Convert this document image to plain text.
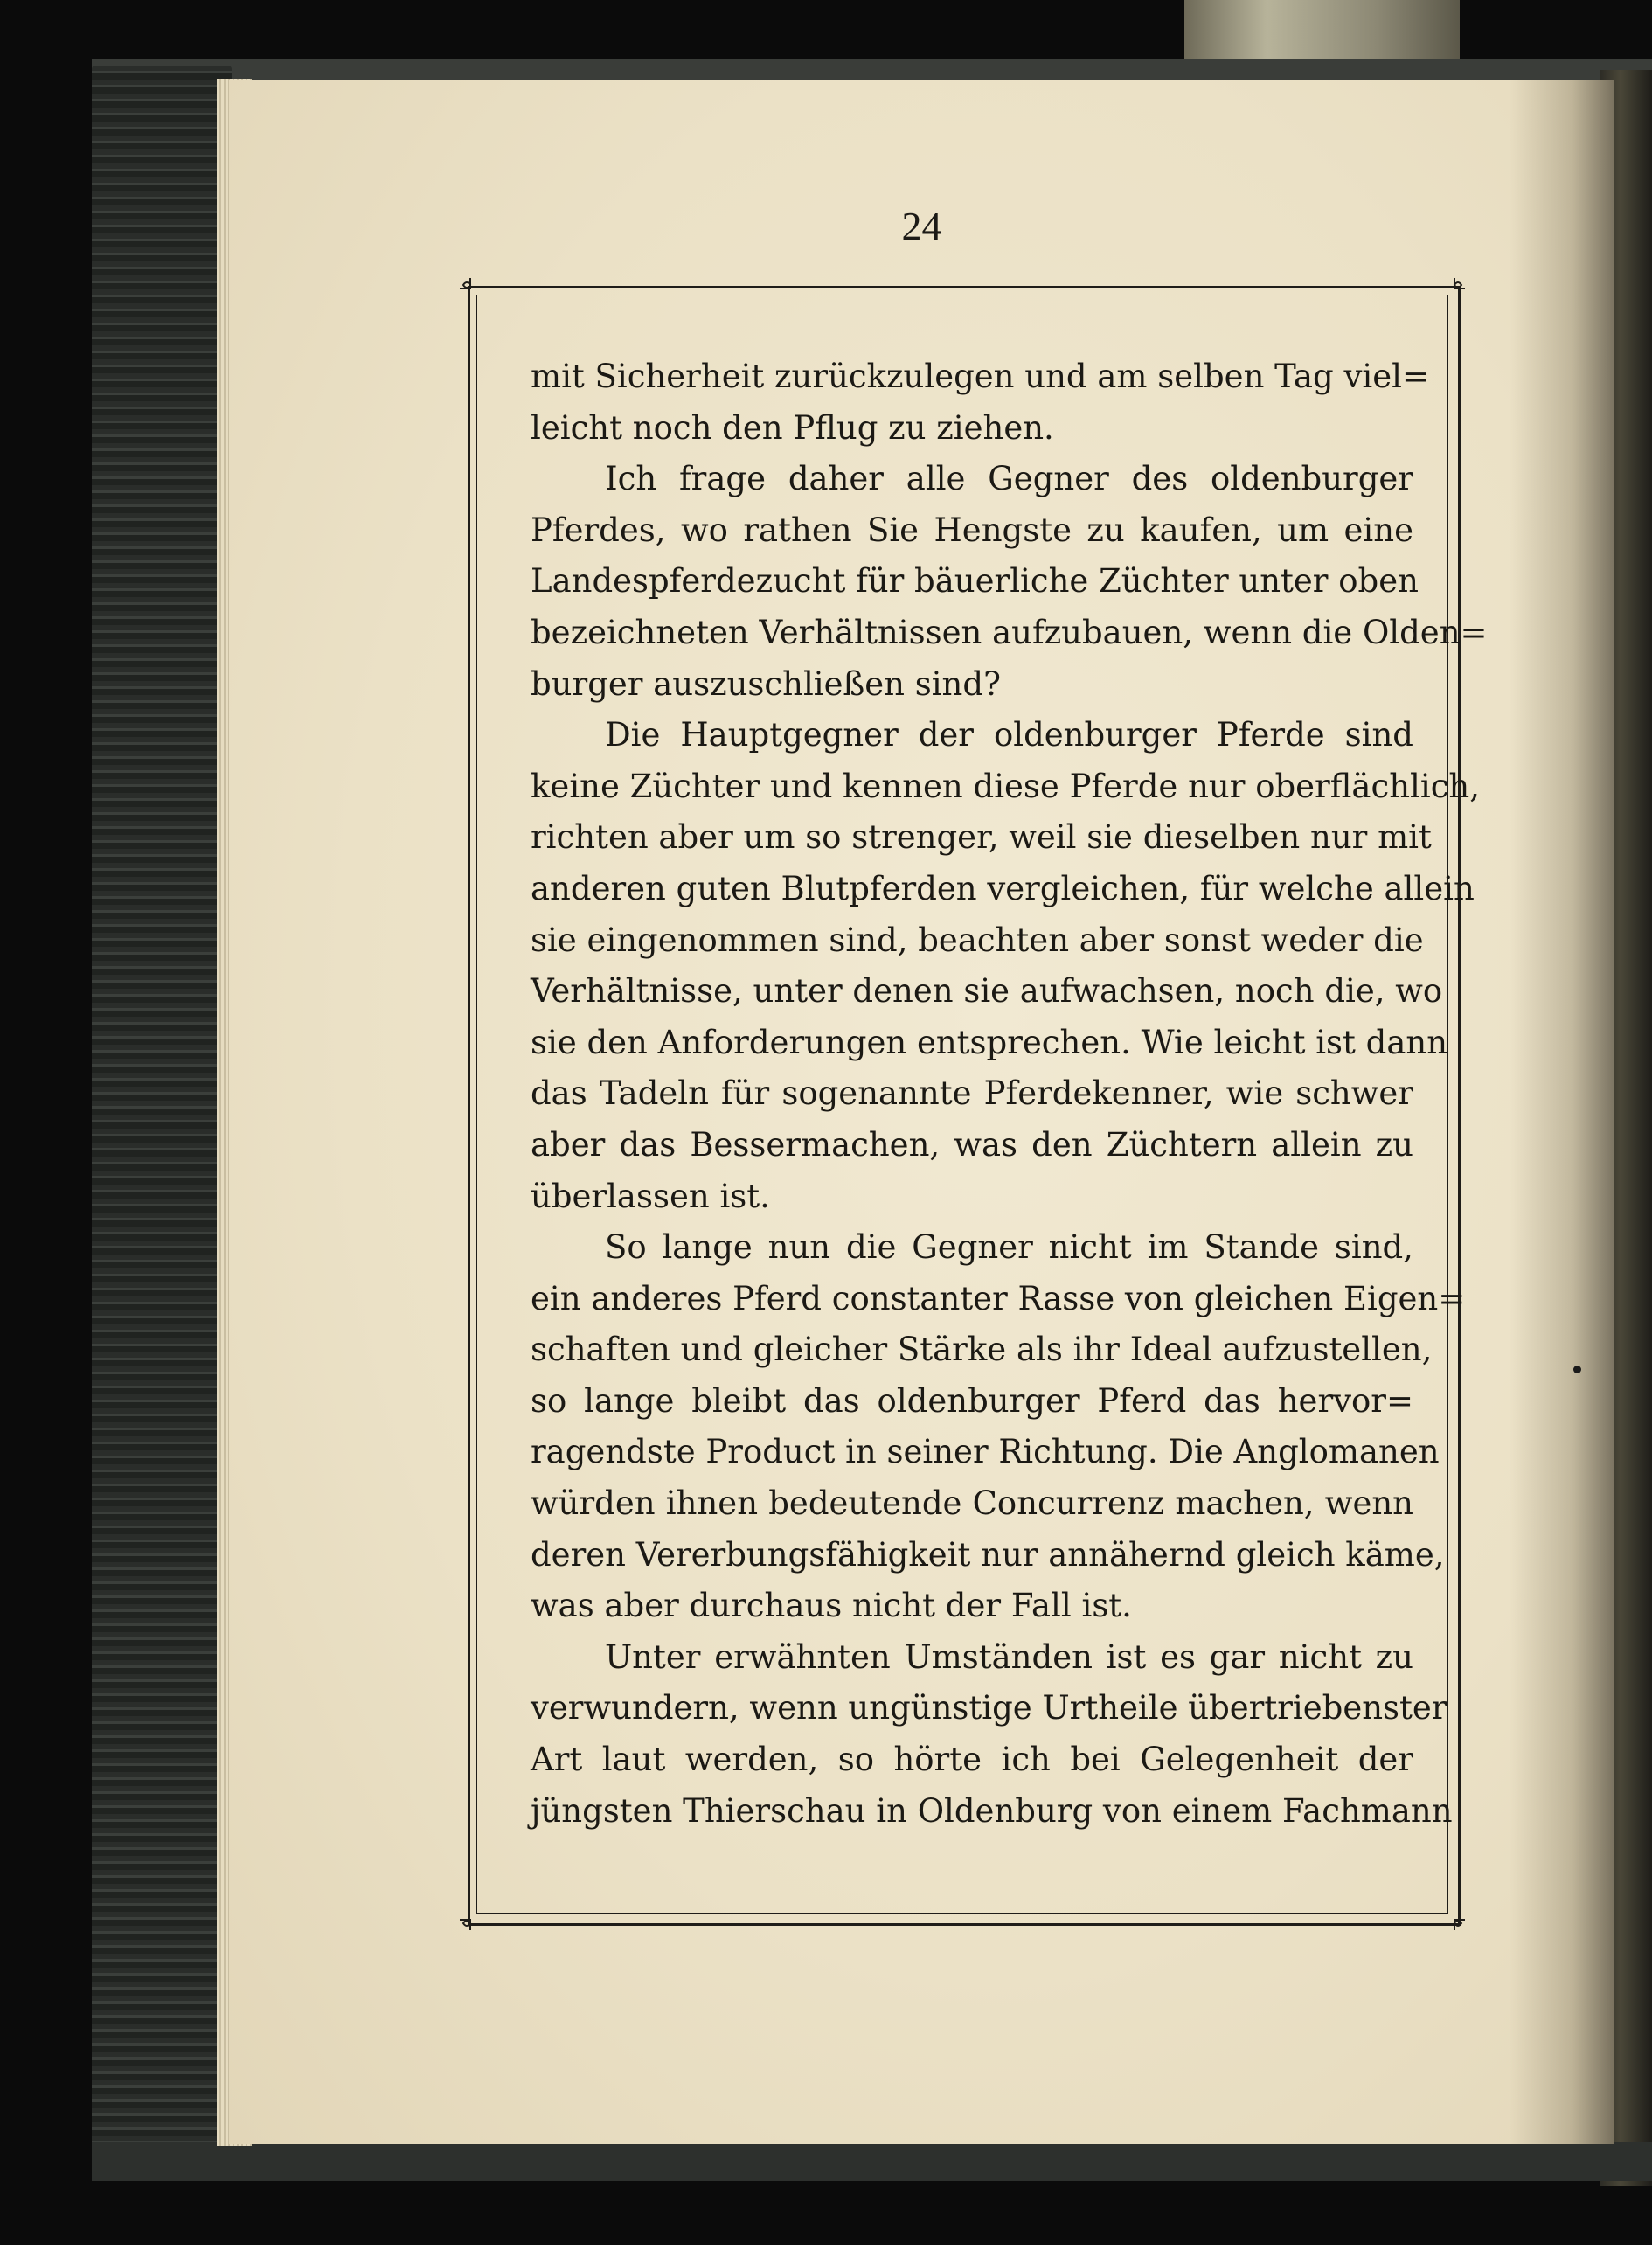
24
mit Sicherheit zurückzulegen und am selben Tag viel=
leicht noch den Pflug zu ziehen.
Ich frage daher alle Gegner des oldenburger
Pferdes, wo rathen Sie Hengste zu kaufen, um eine
Landespferdezucht für bäuerliche Züchter unter oben
bezeichneten Verhältnissen aufzubauen, wenn die Olden=
burger auszuschließen sind?
Die Hauptgegner der oldenburger Pferde sind
keine Züchter und kennen diese Pferde nur oberflächlich,
richten aber um so strenger, weil sie dieselben nur mit
anderen guten Blutpferden vergleichen, für welche allein
sie eingenommen sind, beachten aber sonst weder die
Verhältnisse, unter denen sie aufwachsen, noch die, wo
sie den Anforderungen entsprechen. Wie leicht ist dann
das Tadeln für sogenannte Pferdekenner, wie schwer
aber das Bessermachen, was den Züchtern allein zu
überlassen ist.
So lange nun die Gegner nicht im Stande sind,
ein anderes Pferd constanter Rasse von gleichen Eigen=
schaften und gleicher Stärke als ihr Ideal aufzustellen,
so lange bleibt das oldenburger Pferd das hervor=
ragendste Product in seiner Richtung. Die Anglomanen
würden ihnen bedeutende Concurrenz machen, wenn
deren Vererbungsfähigkeit nur annähernd gleich käme,
was aber durchaus nicht der Fall ist.
Unter erwähnten Umständen ist es gar nicht zu
verwundern, wenn ungünstige Urtheile übertriebenster
Art laut werden, so hörte ich bei Gelegenheit der
jüngsten Thierschau in Oldenburg von einem Fachmann
